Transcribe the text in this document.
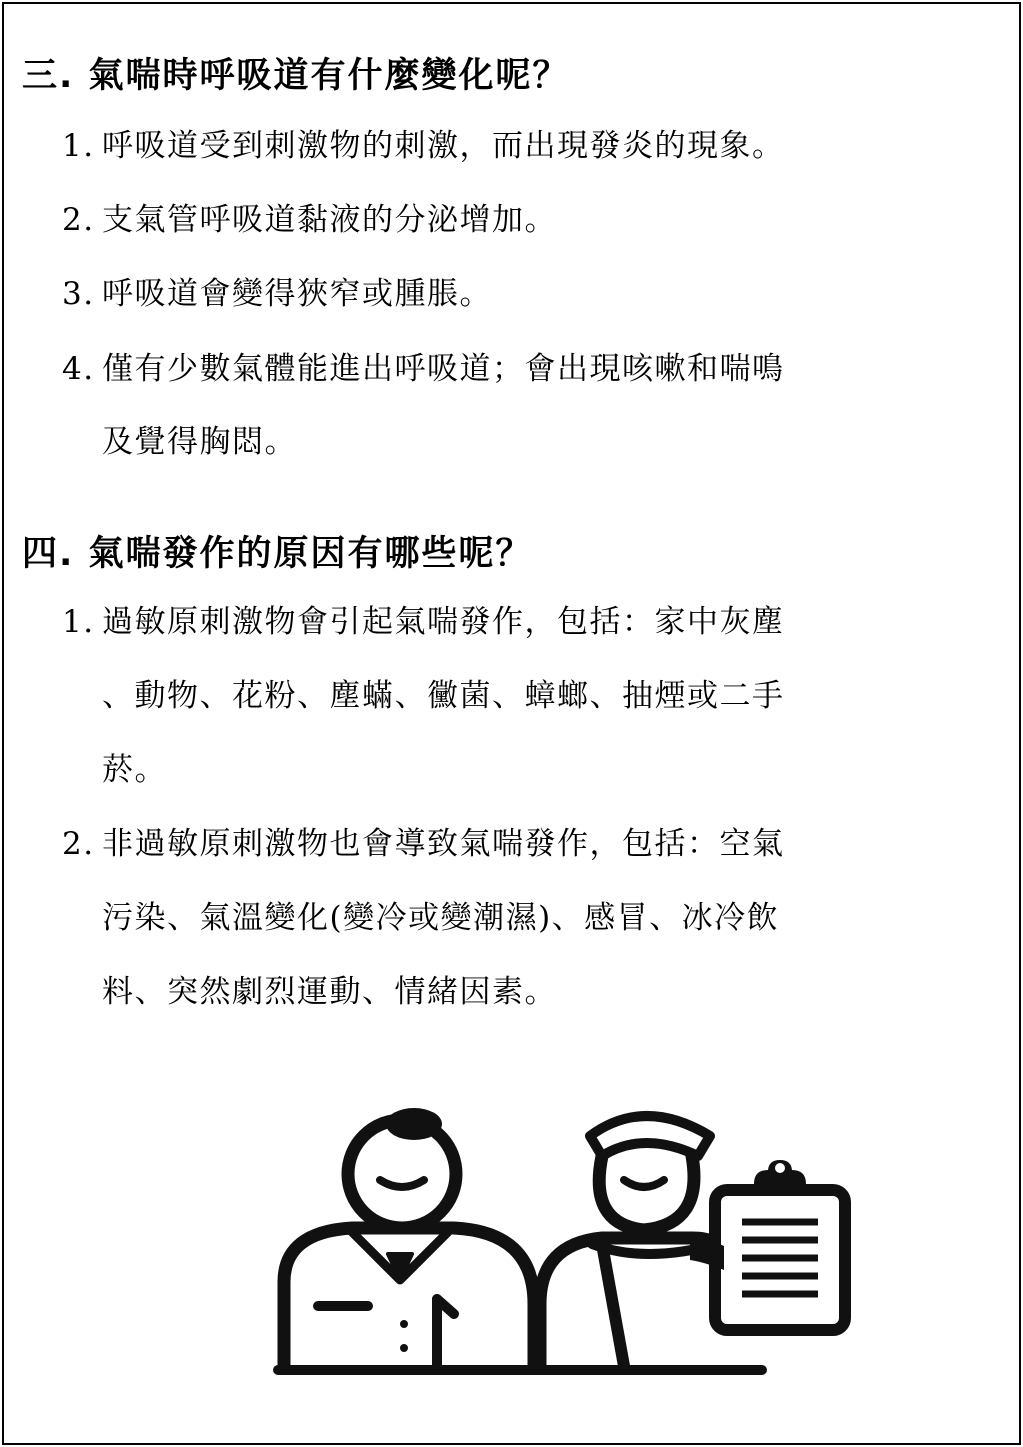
三. 氣喘時呼吸道有什麼變化呢？
1. 呼吸道受到刺激物的刺激，而出現發炎的現象。
2. 支氣管呼吸道黏液的分泌增加。
3. 呼吸道會變得狹窄或腫脹。
4. 僅有少數氣體能進出呼吸道；會出現咳嗽和喘鳴
及覺得胸悶。
四. 氣喘發作的原因有哪些呢？
1. 過敏原刺激物會引起氣喘發作，包括：家中灰塵
、動物、花粉、塵蟎、黴菌、蟑螂、抽煙或二手
菸。
2. 非過敏原刺激物也會導致氣喘發作，包括：空氣
污染、氣溫變化(變冷或變潮濕)、感冒、冰冷飲
料、突然劇烈運動、情緒因素。
